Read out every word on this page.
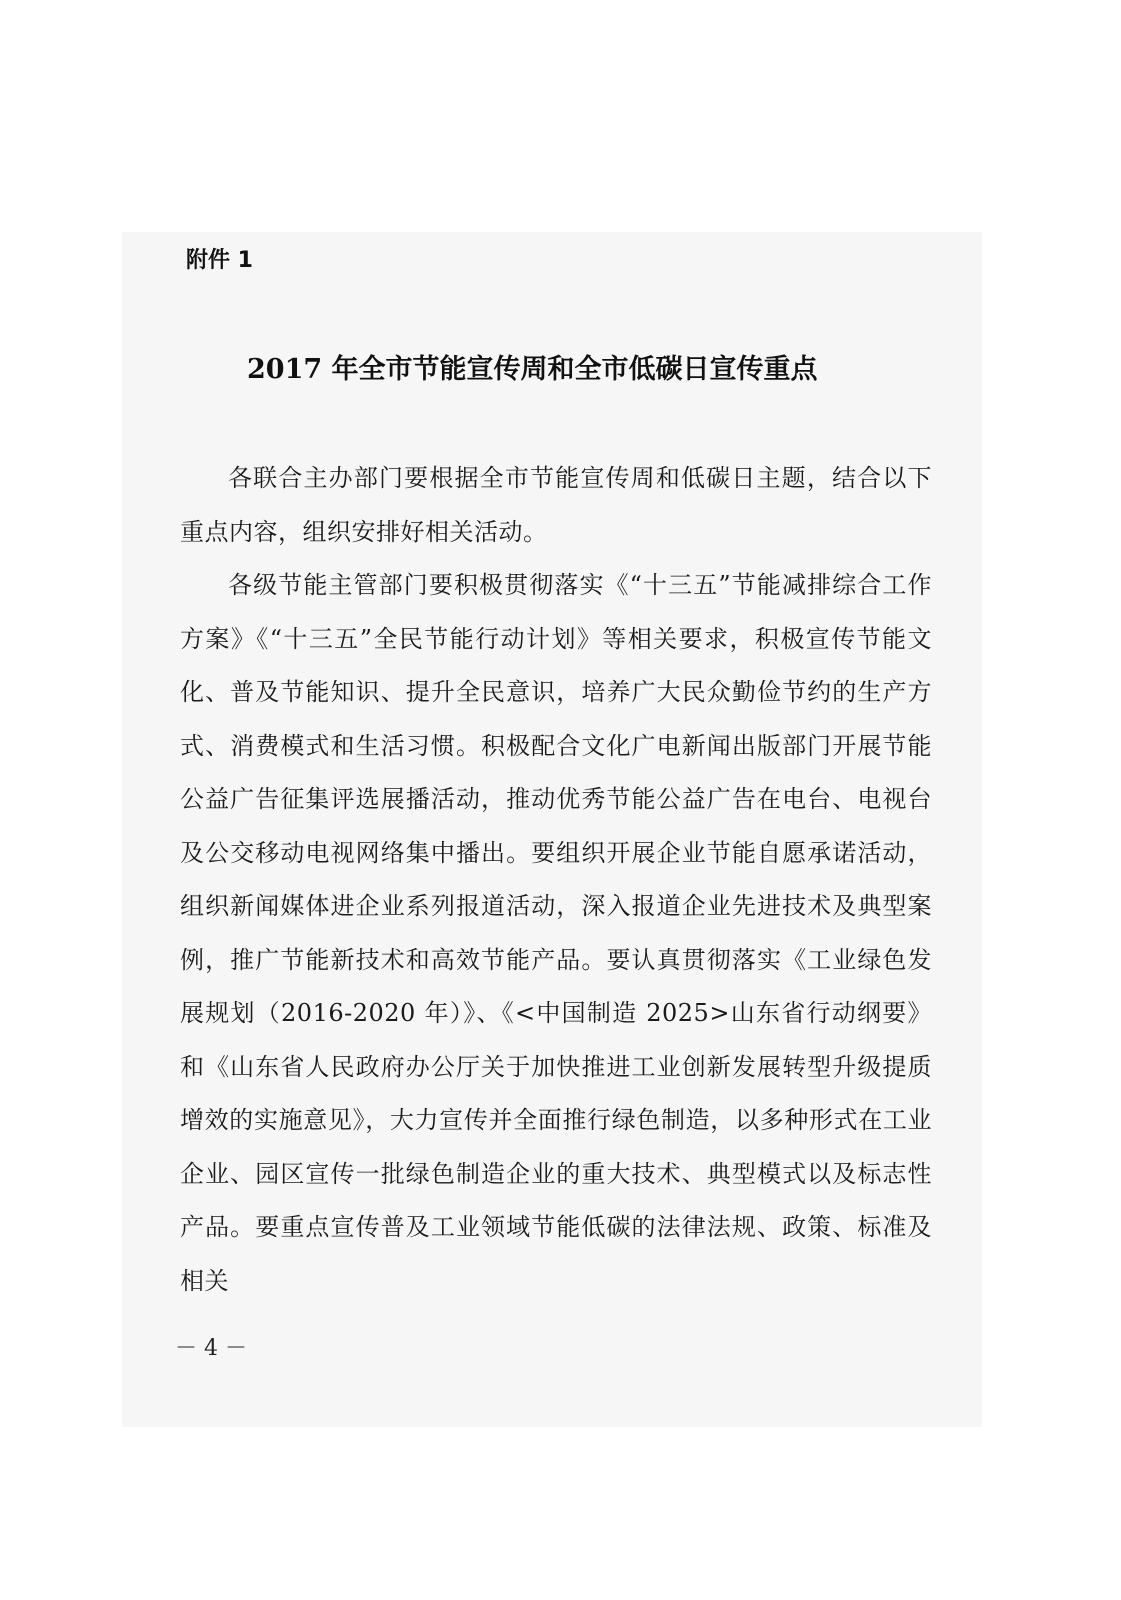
附件 1
2017 年全市节能宣传周和全市低碳日宣传重点

各联合主办部门要根据全市节能宣传周和低碳日主题，结合以下重点内容，组织安排好相关活动。

各级节能主管部门要积极贯彻落实《“十三五”节能减排综合工作方案》《“十三五”全民节能行动计划》等相关要求，积极宣传节能文化、普及节能知识、提升全民意识，培养广大民众勤俭节约的生产方式、消费模式和生活习惯。积极配合文化广电新闻出版部门开展节能公益广告征集评选展播活动，推动优秀节能公益广告在电台、电视台及公交移动电视网络集中播出。要组织开展企业节能自愿承诺活动，组织新闻媒体进企业系列报道活动，深入报道企业先进技术及典型案例，推广节能新技术和高效节能产品。要认真贯彻落实《工业绿色发展规划（2016-2020 年）》、《<中国制造 2025>山东省行动纲要》和《山东省人民政府办公厅关于加快推进工业创新发展转型升级提质增效的实施意见》，大力宣传并全面推行绿色制造，以多种形式在工业企业、园区宣传一批绿色制造企业的重大技术、典型模式以及标志性产品。要重点宣传普及工业领域节能低碳的法律法规、政策、标准及相关

－ 4 －
